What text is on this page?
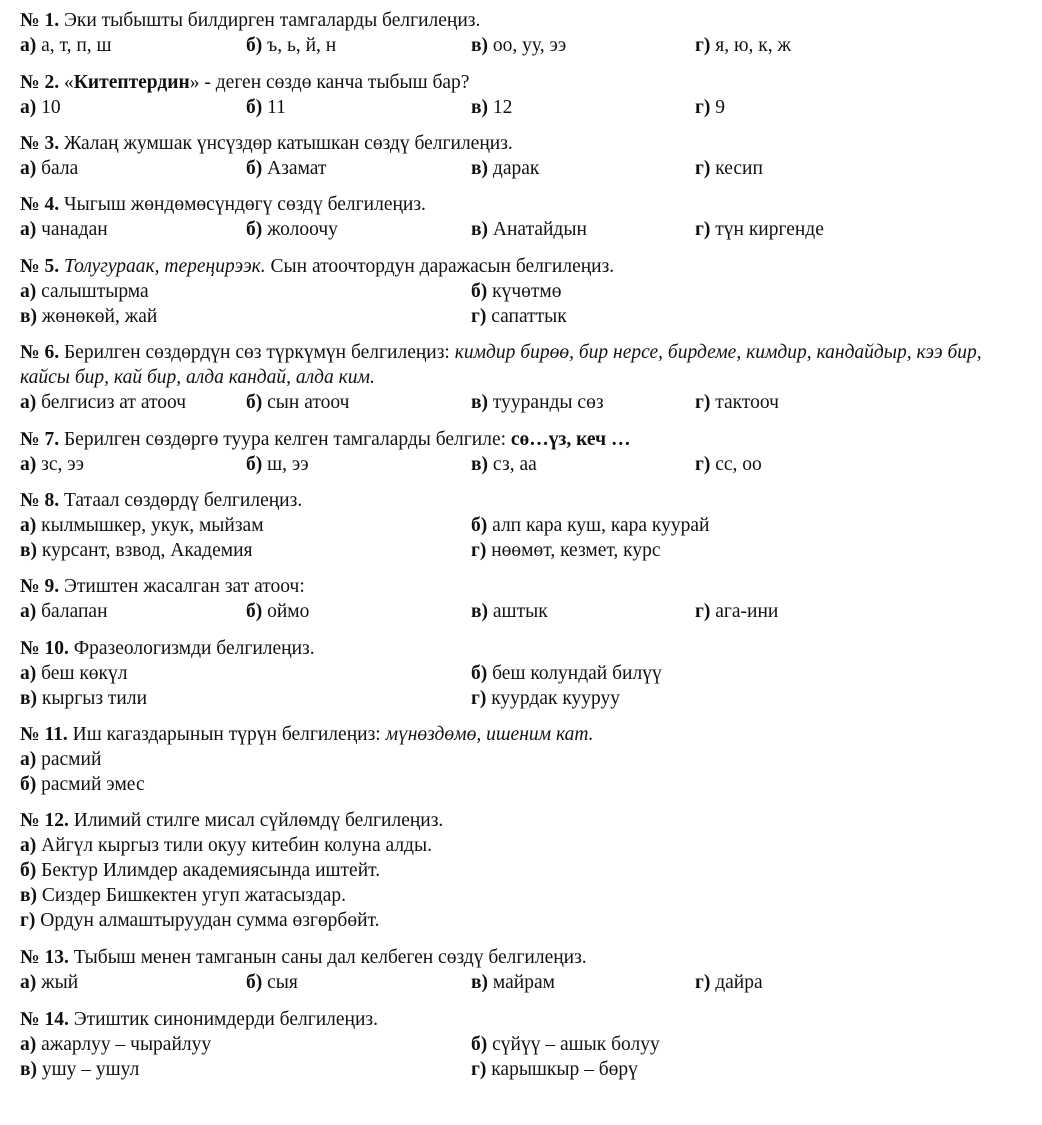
№ 1. Эки тыбышты билдирген тамгаларды белгилеңиз.
а) а, т, п, ш	б) ъ, ь, й, н	в) оо, уу, ээ	г) я, ю, к, ж
№ 2. «Китептердин» - деген сөздө канча тыбыш бар?
а) 10	б) 11	в) 12	г) 9
№ 3. Жалаң жумшак үнсүздөр катышкан сөздү белгилеңиз.
а) бала	б) Азамат	в) дарак	г) кесип
№ 4. Чыгыш жөндөмөсүндөгү сөздү белгилеңиз.
а) чанадан	б) жолоочу	в) Анатайдын	г) түн киргенде
№ 5. Толугураак, тереңирээк. Сын атоочтордун даражасын белгилеңиз.
а) салыштырма	б) күчөтмө
в) жөнөкөй, жай	г) сапаттык
№ 6. Берилген сөздөрдүн сөз түркүмүн белгилеңиз: кимдир бирөө, бир нерсе, бирдеме, кимдир, кандайдыр, кээ бир, кайсы бир, кай бир, алда кандай, алда ким.
а) белгисиз ат атооч	б) сын атооч	в) тууранды сөз	г) тактооч
№ 7. Берилген сөздөргө туура келген тамгаларды белгиле: сө…үз, кеч …
а) зс, ээ	б) ш, ээ	в) сз, аа	г) сс, оо
№ 8. Татаал сөздөрдү белгилеңиз.
а) кылмышкер, укук, мыйзам	б) алп кара куш, кара куурай
в) курсант, взвод, Академия	г) нөөмөт, кезмет, курс
№ 9. Этиштен жасалган зат атооч:
а) балапан	б) оймо	в) аштык	г) ага-ини
№ 10. Фразеологизмди белгилеңиз.
а) беш көкүл	б) беш колундай билүү
в) кыргыз тили	г) куурдак кууруу
№ 11. Иш кагаздарынын түрүн белгилеңиз: мүнөздөмө, ишеним кат.
а) расмий
б) расмий эмес
№ 12. Илимий стилге мисал сүйлөмдү белгилеңиз.
а) Айгүл кыргыз тили окуу китебин колуна алды.
б) Бектур Илимдер академиясында иштейт.
в) Сиздер Бишкектен угуп жатасыздар.
г) Ордун алмаштыруудан сумма өзгөрбөйт.
№ 13. Тыбыш менен тамганын саны дал келбеген сөздү белгилеңиз.
а) жый	б) сыя	в) майрам	г) дайра
№ 14. Этиштик синонимдерди белгилеңиз.
а) ажарлуу – чырайлуу	б) сүйүү – ашык болуу
в) ушу – ушул	г) карышкыр – бөрү
